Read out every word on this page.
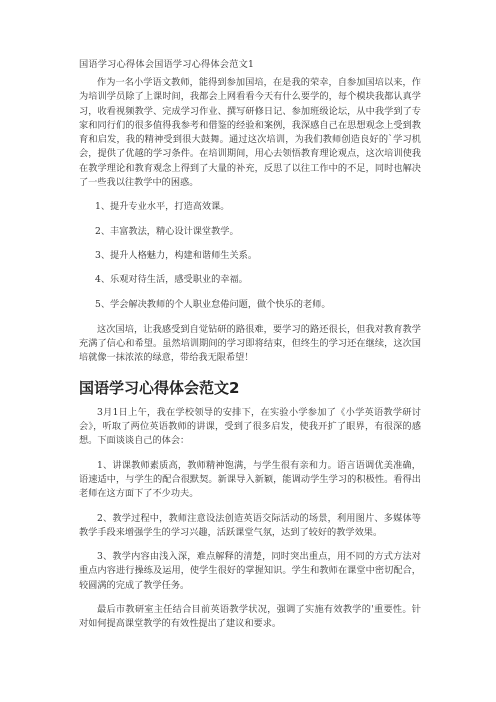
国语学习心得体会国语学习心得体会范文1

作为一名小学语文教师，能得到参加国培，在是我的荣幸，自参加国培以来，作为培训学员除了上课时间，我都会上网看看今天有什么要学的，每个模块我都认真学习，收看视频教学、完成学习作业、撰写研修日记、参加班级论坛，从中我学到了专家和同行们的很多值得我参考和借鉴的经验和案例，我深感自己在思想观念上受到教育和启发，我的精神受到很大鼓舞。通过这次培训，为我们教师创造良好的`学习机会，提供了优越的学习条件。在培训期间，用心去领悟教育理论观点，这次培训使我在教学理论和教育观念上得到了大量的补充，反思了以往工作中的不足，同时也解决了一些我以往教学中的困惑。

1、提升专业水平，打造高效课。

2、丰富教法，精心设计课堂教学。

3、提升人格魅力，构建和谐师生关系。

4、乐观对待生活，感受职业的幸福。

5、学会解决教师的个人职业怠倦问题，做个快乐的老师。

这次国培，让我感受到自觉钻研的路很难，要学习的路还很长，但我对教育教学充满了信心和希望。虽然培训期间的学习即将结束，但终生的学习还在继续，这次国培就像一抹浓浓的绿意，带给我无限希望！

国语学习心得体会范文2

3月1日上午，我在学校领导的安排下，在实验小学参加了《小学英语教学研讨会》，听取了两位英语教师的讲课，受到了很多启发，使我开扩了眼界，有很深的感想。下面谈谈自己的体会：

1、讲课教师素质高，教师精神饱满，与学生很有亲和力。语言语调优美准确，语速适中，与学生的配合很默契。新课导入新颖，能调动学生学习的积极性。看得出老师在这方面下了不少功夫。

2、教学过程中，教师注意设法创造英语交际活动的场景，利用图片、多媒体等教学手段来增强学生的学习兴趣，活跃课堂气氛，达到了较好的教学效果。

3、教学内容由浅入深，难点解释的清楚，同时突出重点，用不同的方式方法对重点内容进行操练及运用，使学生很好的掌握知识。学生和教师在课堂中密切配合，较圆满的完成了教学任务。

最后市教研室主任结合目前英语教学状况，强调了实施有效教学的'重要性。针对如何提高课堂教学的有效性提出了建议和要求。
